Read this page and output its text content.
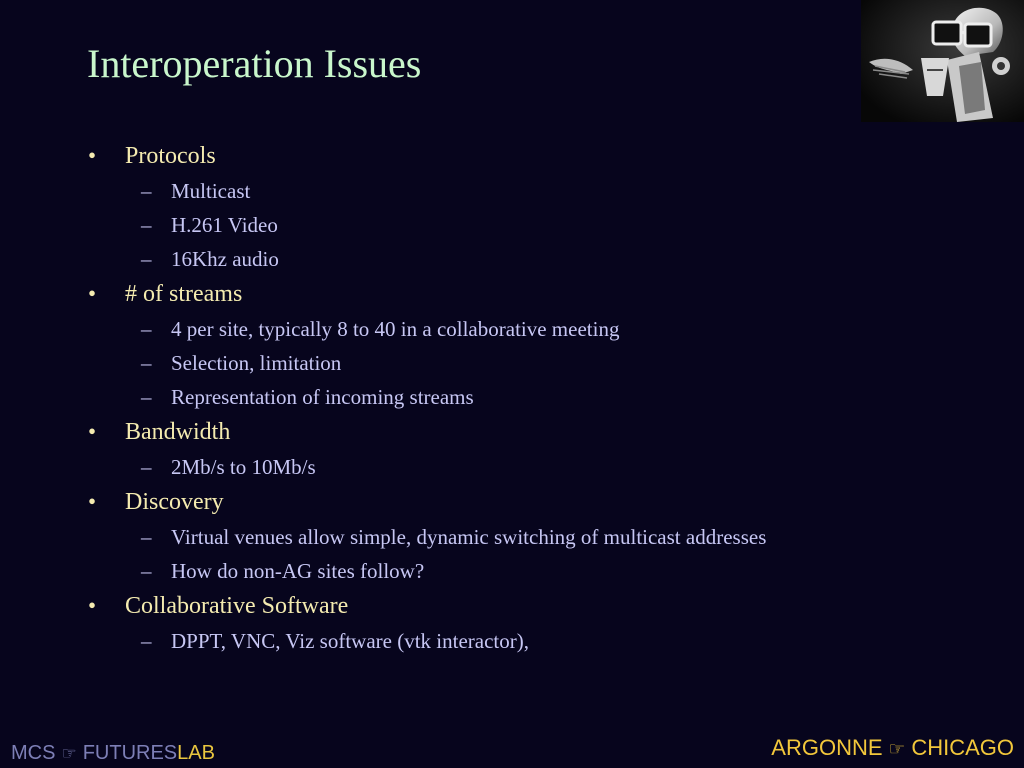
Interoperation Issues
• Protocols
– Multicast
– H.261 Video
– 16Khz audio
• # of streams
– 4 per site, typically 8 to 40 in a collaborative meeting
– Selection, limitation
– Representation of incoming streams
• Bandwidth
– 2Mb/s to 10Mb/s
• Discovery
– Virtual venues allow simple, dynamic switching of multicast addresses
– How do non-AG sites follow?
• Collaborative Software
– DPPT, VNC, Viz software (vtk interactor),
MCS ☞ FUTURESLAB	ARGONNE ☞ CHICAGO
